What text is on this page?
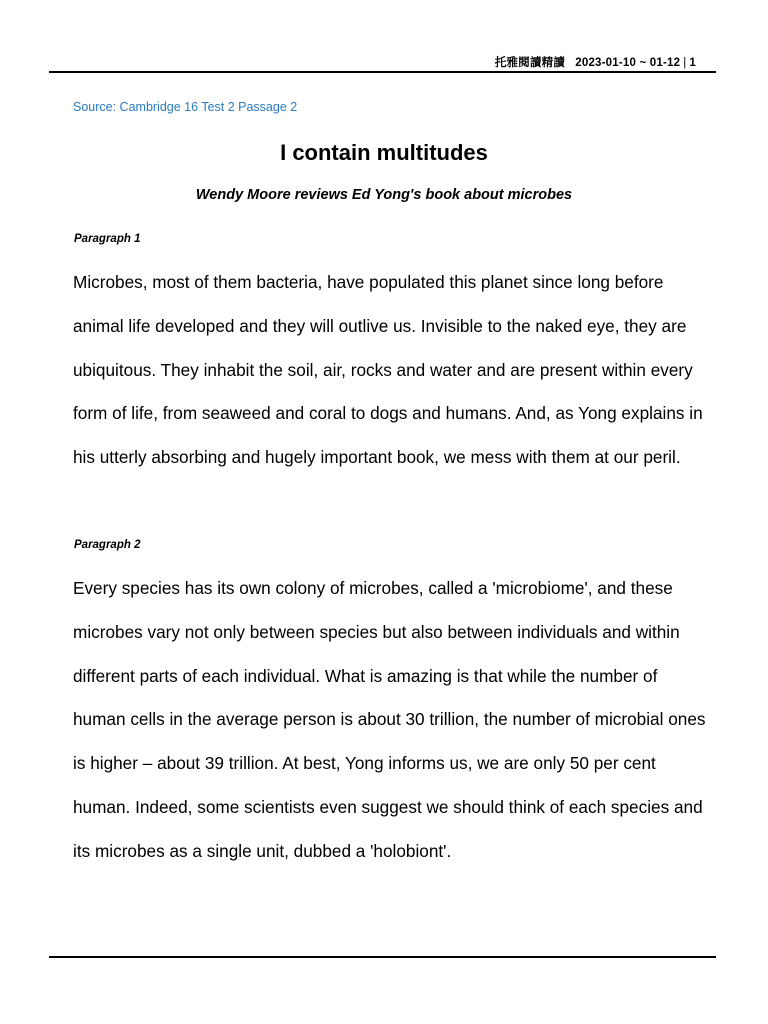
托雅閱讀精讀 2023-01-10 ~ 01-12 | 1
Source: Cambridge 16 Test 2 Passage 2
I contain multitudes
Wendy Moore reviews Ed Yong's book about microbes
Paragraph 1

Microbes, most of them bacteria, have populated this planet since long before animal life developed and they will outlive us. Invisible to the naked eye, they are ubiquitous. They inhabit the soil, air, rocks and water and are present within every form of life, from seaweed and coral to dogs and humans. And, as Yong explains in his utterly absorbing and hugely important book, we mess with them at our peril.

Paragraph 2

Every species has its own colony of microbes, called a 'microbiome', and these microbes vary not only between species but also between individuals and within different parts of each individual. What is amazing is that while the number of human cells in the average person is about 30 trillion, the number of microbial ones is higher – about 39 trillion. At best, Yong informs us, we are only 50 per cent human. Indeed, some scientists even suggest we should think of each species and its microbes as a single unit, dubbed a 'holobiont'.
